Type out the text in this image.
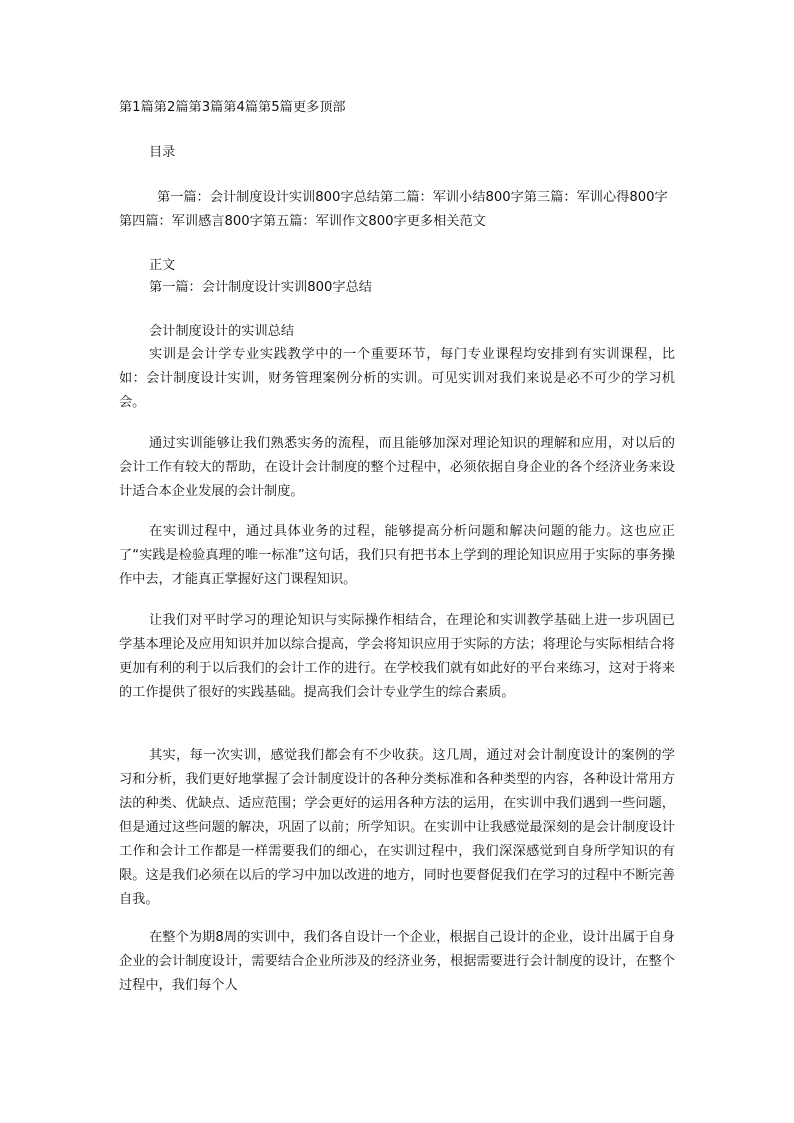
第1篇第2篇第3篇第4篇第5篇更多顶部
目录
第一篇：会计制度设计实训800字总结第二篇：军训小结800字第三篇：军训心得800字第四篇：军训感言800字第五篇：军训作文800字更多相关范文
正文
第一篇：会计制度设计实训800字总结
会计制度设计的实训总结
实训是会计学专业实践教学中的一个重要环节，每门专业课程均安排到有实训课程，比如：会计制度设计实训，财务管理案例分析的实训。可见实训对我们来说是必不可少的学习机会。
通过实训能够让我们熟悉实务的流程，而且能够加深对理论知识的理解和应用，对以后的会计工作有较大的帮助，在设计会计制度的整个过程中，必须依据自身企业的各个经济业务来设计适合本企业发展的会计制度。
在实训过程中，通过具体业务的过程，能够提高分析问题和解决问题的能力。这也应正了“实践是检验真理的唯一标准”这句话，我们只有把书本上学到的理论知识应用于实际的事务操作中去，才能真正掌握好这门课程知识。
让我们对平时学习的理论知识与实际操作相结合，在理论和实训教学基础上进一步巩固已学基本理论及应用知识并加以综合提高，学会将知识应用于实际的方法；将理论与实际相结合将更加有利的利于以后我们的会计工作的进行。在学校我们就有如此好的平台来练习，这对于将来的工作提供了很好的实践基础。提高我们会计专业学生的综合素质。
其实，每一次实训，感觉我们都会有不少收获。这几周，通过对会计制度设计的案例的学习和分析，我们更好地掌握了会计制度设计的各种分类标准和各种类型的内容，各种设计常用方法的种类、优缺点、适应范围；学会更好的运用各种方法的运用，在实训中我们遇到一些问题，但是通过这些问题的解决，巩固了以前；所学知识。在实训中让我感觉最深刻的是会计制度设计工作和会计工作都是一样需要我们的细心，在实训过程中，我们深深感觉到自身所学知识的有限。这是我们必须在以后的学习中加以改进的地方，同时也要督促我们在学习的过程中不断完善自我。
在整个为期8周的实训中，我们各自设计一个企业，根据自己设计的企业，设计出属于自身企业的会计制度设计，需要结合企业所涉及的经济业务，根据需要进行会计制度的设计，在整个过程中，我们每个人
